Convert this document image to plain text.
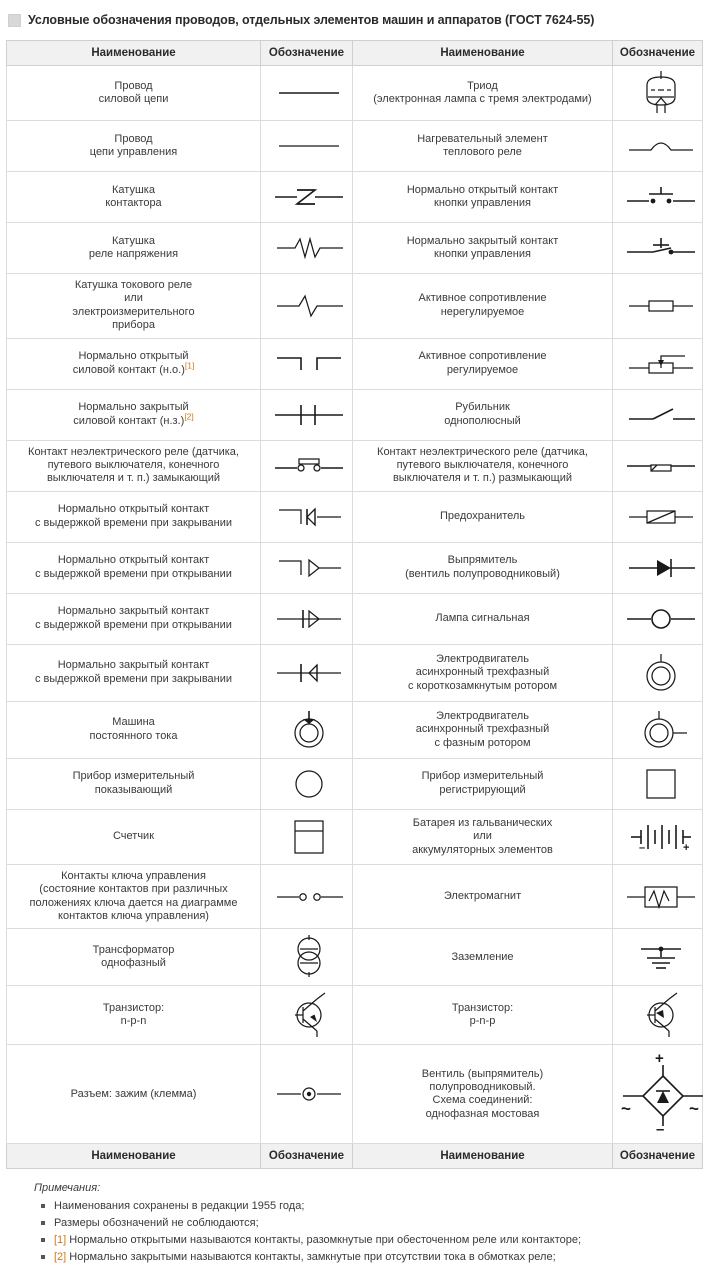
Условные обозначения проводов, отдельных элементов машин и аппаратов (ГОСТ 7624-55)
Наименование	Обозначение	Наименование	Обозначение
Провод
силовой цепи		Триод
(электронная лампа с тремя электродами)	

Провод
цепи управления		Нагревательный элемент
теплового реле	

Катушка
контактора		Нормально открытый контакт
кнопки управления	

Катушка
реле напряжения		Нормально закрытый контакт
кнопки управления	

Катушка токового реле
или
электроизмерительного
прибора		Активное сопротивление
нерегулируемое	

Нормально открытый
силовой контакт (н.о.)[1]		Активное сопротивление
регулируемое	

Нормально закрытый
силовой контакт (н.з.)[2]		Рубильник
однополюсный	

Контакт неэлектрического реле (датчика,
путевого выключателя, конечного
выключателя и т. п.) замыкающий		Контакт неэлектрического реле (датчика,
путевого выключателя, конечного
выключателя и т. п.) размыкающий	

Нормально открытый контакт
с выдержкой времени при закрывании		Предохранитель	

Нормально открытый контакт
с выдержкой времени при открывании		Выпрямитель
(вентиль полупроводниковый)	

Нормально закрытый контакт
с выдержкой времени при открывании		Лампа сигнальная	

Нормально закрытый контакт
с выдержкой времени при закрывании		Электродвигатель
асинхронный трехфазный
с короткозамкнутым ротором	

Машина
постоянного тока		Электродвигатель
асинхронный трехфазный
с фазным ротором	

Прибор измерительный
показывающий		Прибор измерительный
регистрирующий	

Счетчик		Батарея из гальванических
или
аккумуляторных элементов	– +

Контакты ключа управления
(состояние контактов при различных
положениях ключа дается на диаграмме
контактов ключа управления)		Электромагнит	

Трансформатор
однофазный		Заземление	

Транзистор:
n-p-n		Транзистор:
p-n-p	

Разъем: зажим (клемма)		Вентиль (выпрямитель)
полупроводниковый.
Схема соединений:
однофазная мостовая	+
–
~ ~

Наименование	Обозначение	Наименование	Обозначение
Примечания:
Наименования сохранены в редакции 1955 года;
Размеры обозначений не соблюдаются;
[1] Нормально открытыми называются контакты, разомкнутые при обесточенном реле или контакторе;
[2] Нормально закрытыми называются контакты, замкнутые при отсутствии тока в обмотках реле;
